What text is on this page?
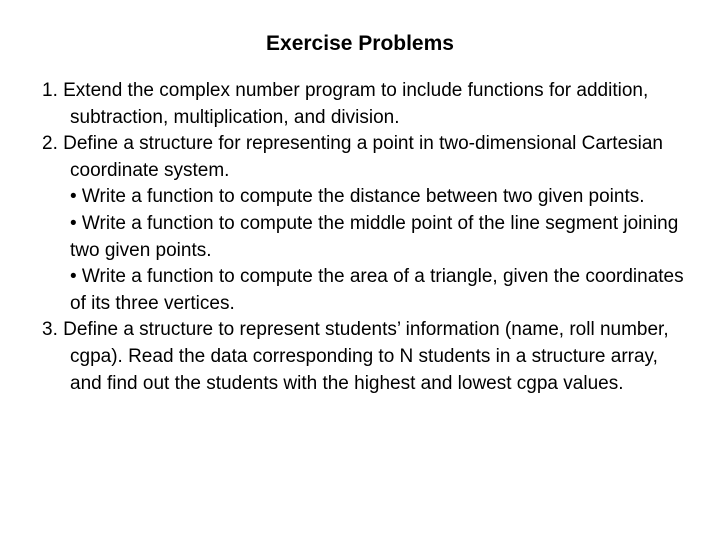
Exercise Problems

1. Extend the complex number program to include functions for addition, subtraction, multiplication, and division.

2. Define a structure for representing a point in two-dimensional Cartesian coordinate system.

• Write a function to compute the distance between two given points.

• Write a function to compute the middle point of the line segment joining two given points.

• Write a function to compute the area of a triangle, given the coordinates of its three vertices.

3. Define a structure to represent students’ information (name, roll number, cgpa). Read the data corresponding to N students in a structure array, and find out the students with the highest and lowest cgpa values.
